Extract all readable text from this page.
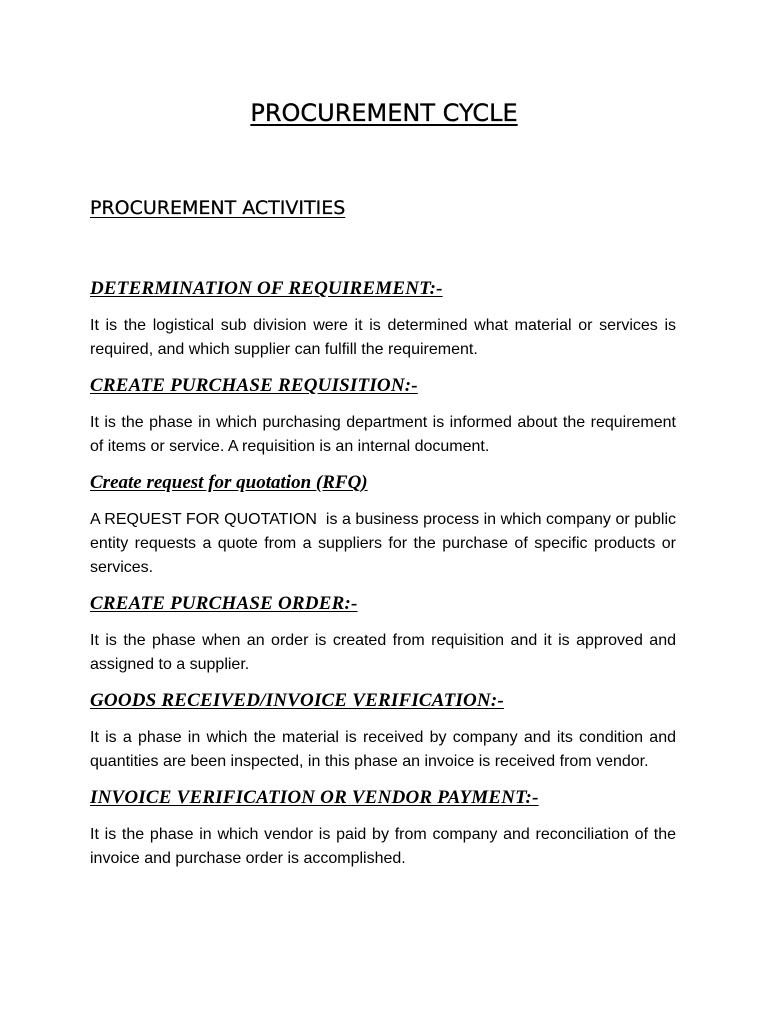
PROCUREMENT CYCLE
PROCUREMENT ACTIVITIES
DETERMINATION OF REQUIREMENT:-

It is the logistical sub division were it is determined what material or services is required, and which supplier can fulfill the requirement.

CREATE PURCHASE REQUISITION:-

It is the phase in which purchasing department is informed about the requirement of items or service. A requisition is an internal document.

Create request for quotation (RFQ)

A REQUEST FOR QUOTATION  is a business process in which company or public entity requests a quote from a suppliers for the purchase of specific products or services.

CREATE PURCHASE ORDER:-

It is the phase when an order is created from requisition and it is approved and assigned to a supplier.

GOODS RECEIVED/INVOICE VERIFICATION:-

It is a phase in which the material is received by company and its condition and quantities are been inspected, in this phase an invoice is received from vendor.

INVOICE VERIFICATION OR VENDOR PAYMENT:-

It is the phase in which vendor is paid by from company and reconciliation of the invoice and purchase order is accomplished.
